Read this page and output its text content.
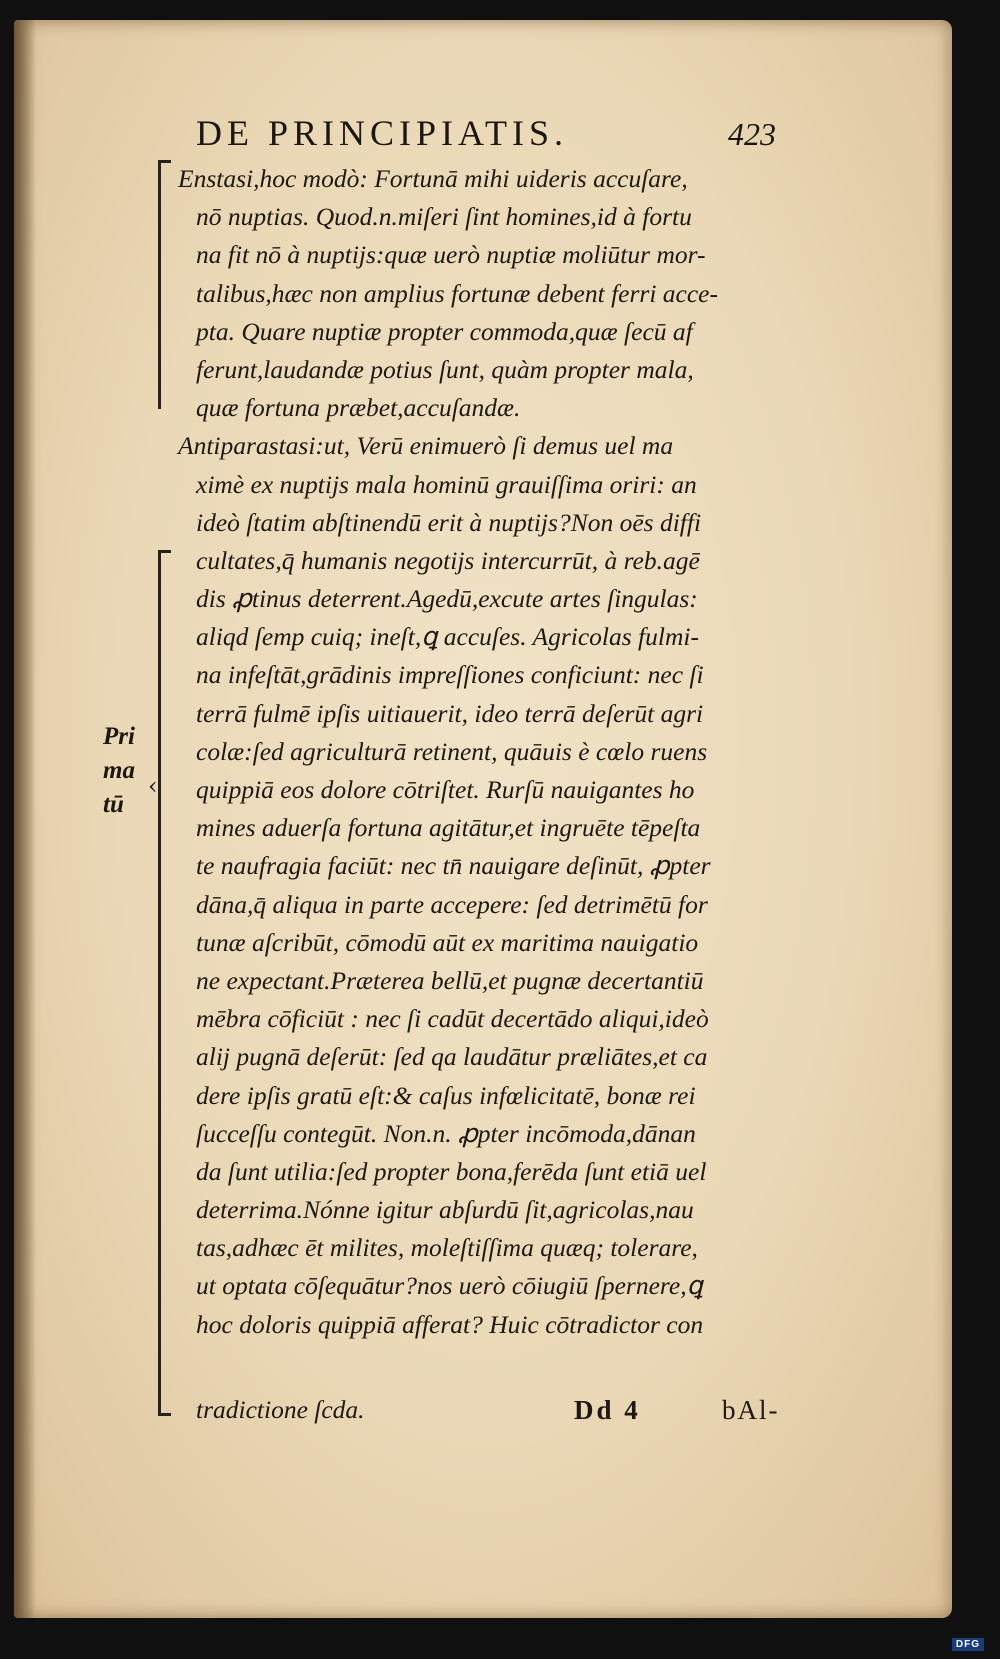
DE PRINCIPIATIS.	423
‹
Pri
ma
tū
Enstasi,hoc modò: Fortunā mihi uideris accuſare,
nō nuptias. Quod.n.miſeri ſint homines,id à fortu
na fit nō à nuptijs:quæ uerò nuptiæ moliūtur mor-
talibus,hæc non amplius fortunæ debent ferri acce-
pta. Quare nuptiæ propter commoda,quæ ſecū af
ferunt,laudandæ potius ſunt, quàm propter mala,
quæ fortuna præbet,accuſandæ.
Antiparastasi:ut, Verū enimuerò ſi demus uel ma
ximè ex nuptijs mala hominū grauiſſima oriri: an
ideò ſtatim abſtinendū erit à nuptijs?Non oēs diffi
cultates,q̄ humanis negotijs intercurrūt, à reb.agē
dis ꝓtinus deterrent.Agedū,excute artes ſingulas:
aliqd ſemp cuiq; ineſt,ꝗ accuſes. Agricolas fulmi-
na infeſtāt,grādinis impreſſiones conficiunt: nec ſi
terrā fulmē ipſis uitiauerit, ideo terrā deſerūt agri
colæ:ſed agriculturā retinent, quāuis è cœlo ruens
quippiā eos dolore cōtriſtet. Rurſū nauigantes ho
mines aduerſa fortuna agitātur,et ingruēte tēpeſta
te naufragia faciūt: nec tn̄ nauigare deſinūt, ꝓpter
dāna,q̄ aliqua in parte accepere: ſed detrimētū for
tunæ aſcribūt, cōmodū aūt ex maritima nauigatio
ne expectant.Præterea bellū,et pugnæ decertantiū
mēbra cōficiūt : nec ſi cadūt decertādo aliqui,ideò
alij pugnā deſerūt: ſed qa laudātur præliātes,et ca
dere ipſis gratū eſt:& caſus infœlicitatē, bonæ rei
ſucceſſu contegūt. Non.n. ꝓpter incōmoda,dānan
da ſunt utilia:ſed propter bona,ferēda ſunt etiā uel
deterrima.Nónne igitur abſurdū ſit,agricolas,nau
tas,adhæc ēt milites, moleſtiſſima quæq; tolerare,
ut optata cōſequātur?nos uerò cōiugiū ſpernere,ꝗ
hoc doloris quippiā afferat? Huic cōtradictor con
tradictione ſcda.	Dd 4	bAl-
Digitalisierung gefördert durch die Deutsche Forschungsgemeinschaft -	DFG
